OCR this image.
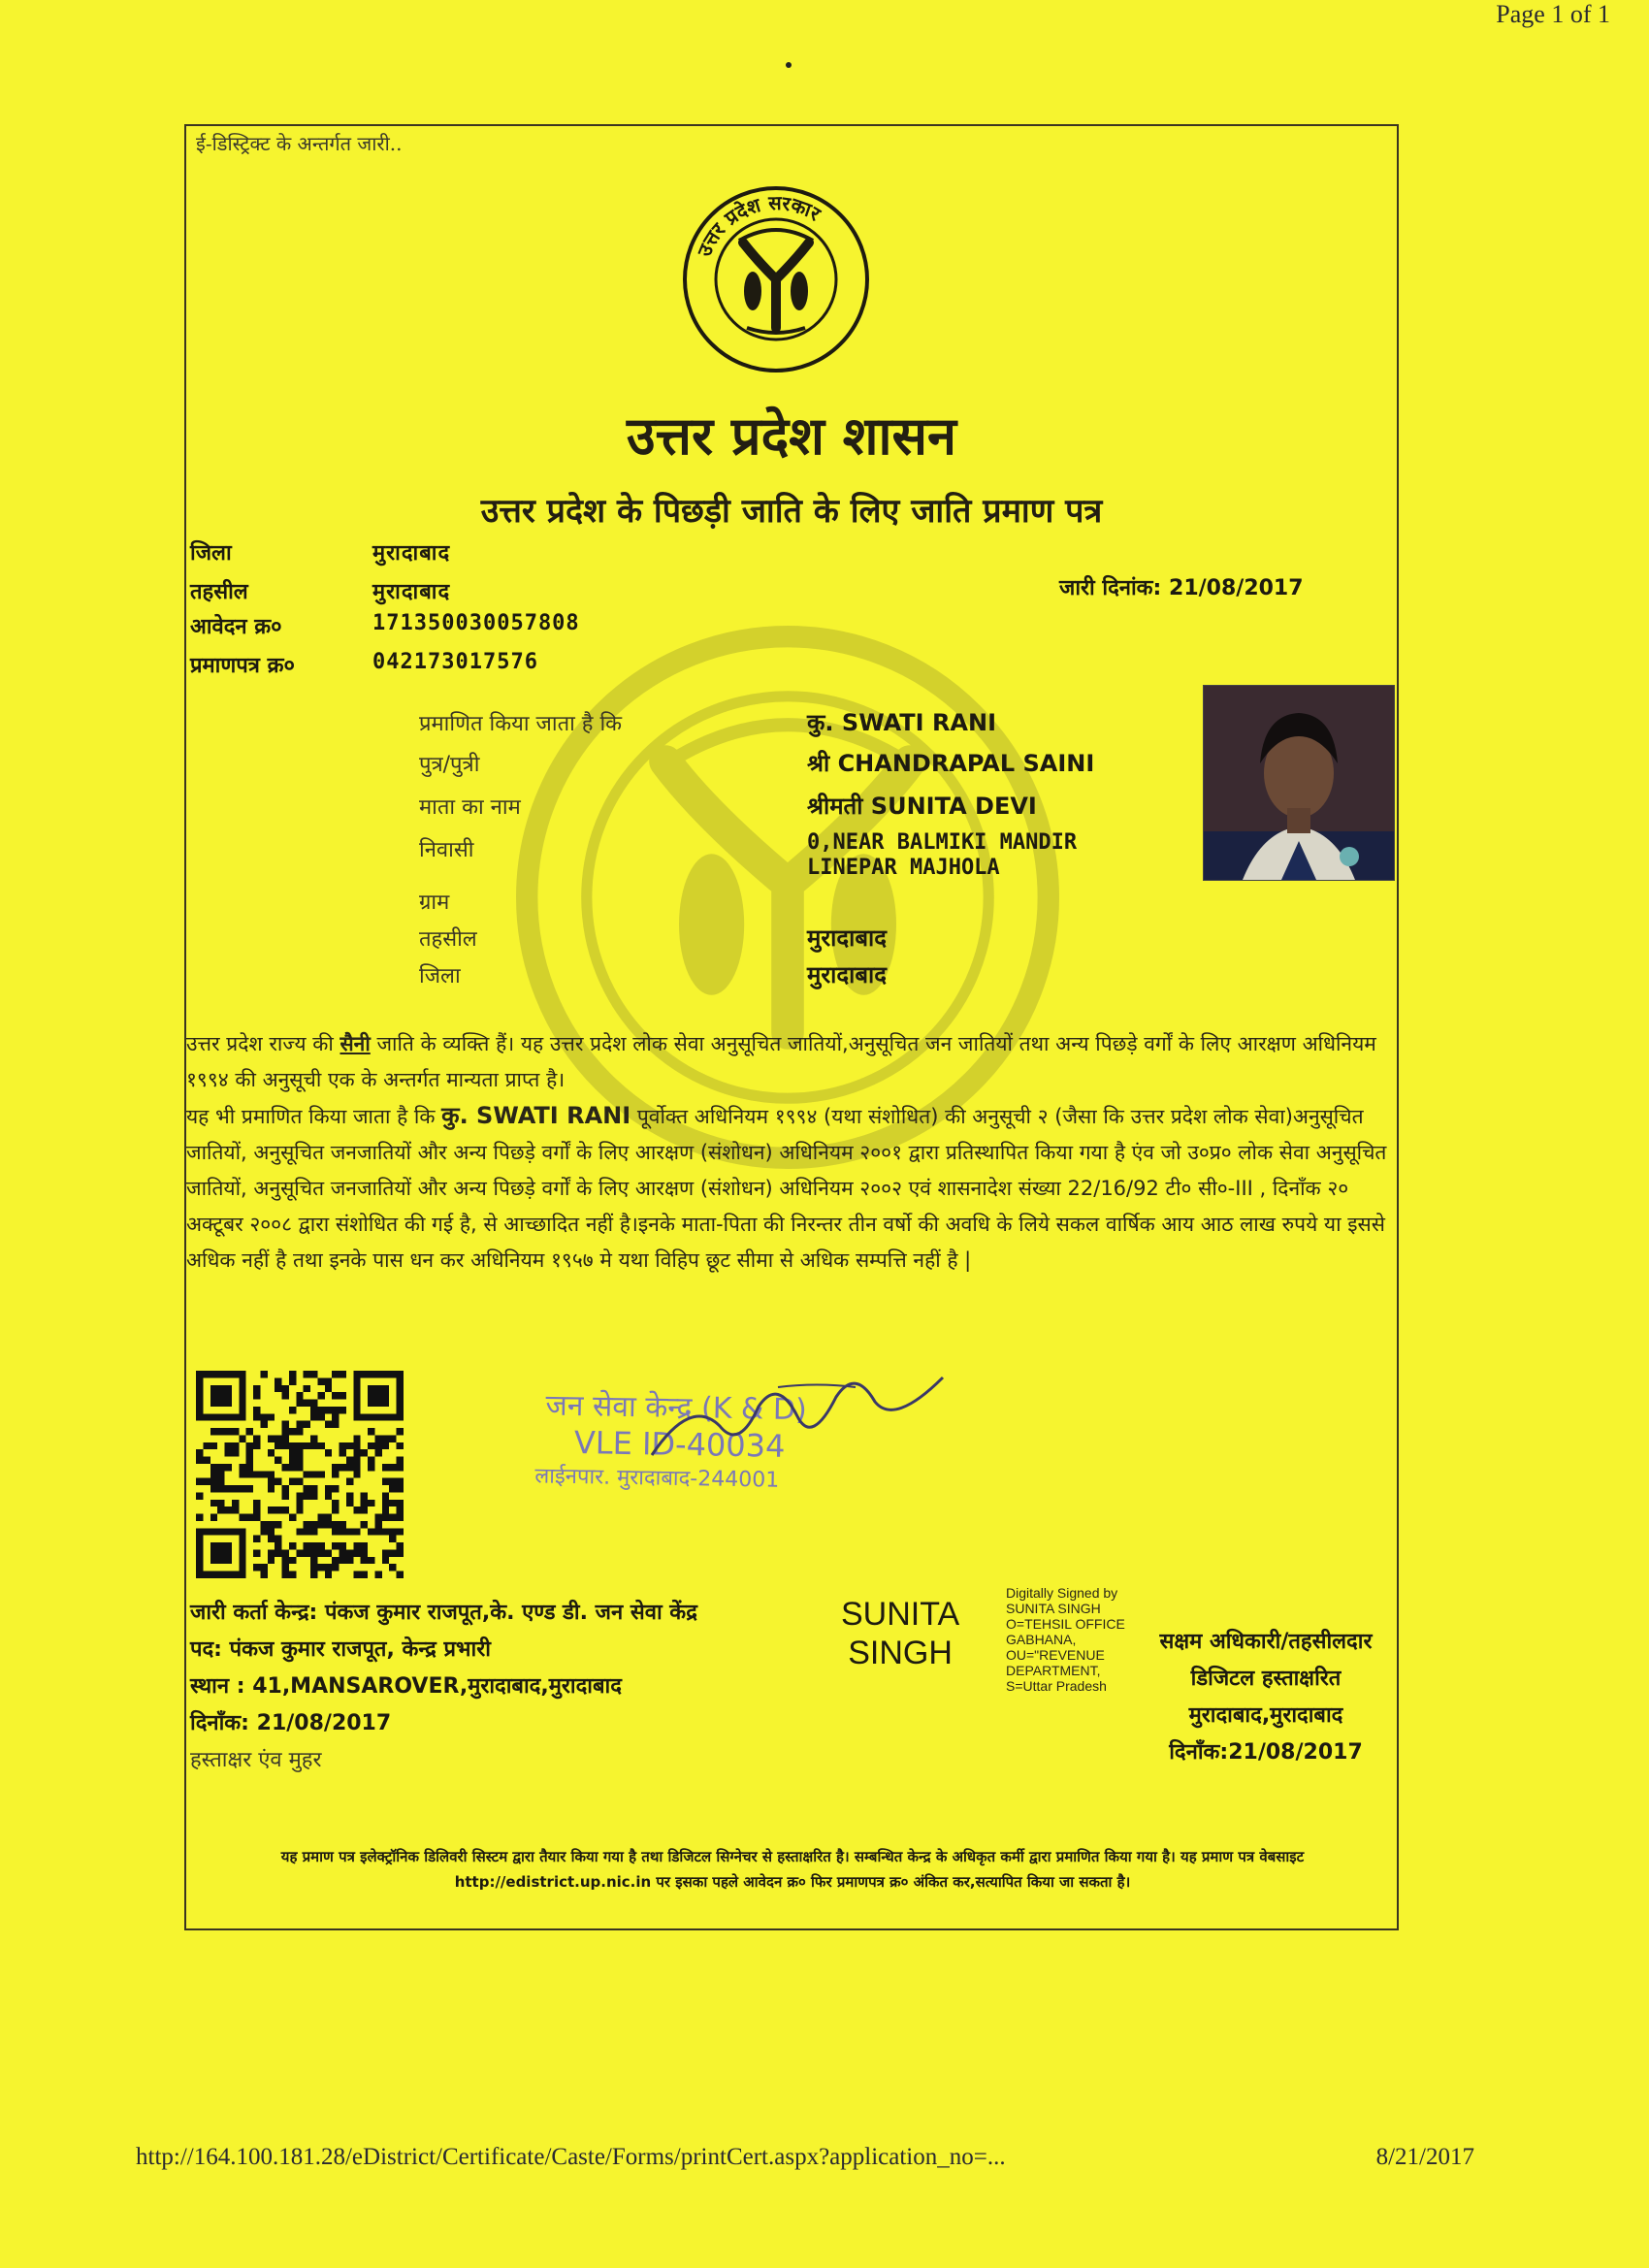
Page 1 of 1
ई-डिस्ट्रिक्ट के अन्तर्गत जारी..
उत्तर प्रदेश सरकार
उत्तर प्रदेश शासन
उत्तर प्रदेश के पिछड़ी जाति के लिए जाति प्रमाण पत्र
जिला	मुरादाबाद
तहसील	मुरादाबाद
आवेदन क्र०	171350030057808
प्रमाणपत्र क्र०	042173017576
जारी दिनांक: 21/08/2017
प्रमाणित किया जाता है कि	कु. SWATI RANI
पुत्र/पुत्री	श्री CHANDRAPAL SAINI
माता का नाम	श्रीमती SUNITA DEVI
निवासी	0,NEAR BALMIKI MANDIR
LINEPAR MAJHOLA
ग्राम
तहसील	मुरादाबाद
जिला	मुरादाबाद

उत्तर प्रदेश राज्य की सैनी जाति के व्यक्ति हैं। यह उत्तर प्रदेश लोक सेवा अनुसूचित जातियों,अनुसूचित जन जातियों तथा अन्य पिछड़े वर्गों के लिए आरक्षण अधिनियम १९९४ की अनुसूची एक के अन्तर्गत मान्यता प्राप्त है।

यह भी प्रमाणित किया जाता है कि कु. SWATI RANI पूर्वोक्त अधिनियम १९९४ (यथा संशोधित) की अनुसूची २ (जैसा कि उत्तर प्रदेश लोक सेवा)अनुसूचित जातियों, अनुसूचित जनजातियों और अन्य पिछड़े वर्गों के लिए आरक्षण (संशोधन) अधिनियम २००१ द्वारा प्रतिस्थापित किया गया है एंव जो उ०प्र० लोक सेवा अनुसूचित जातियों, अनुसूचित जनजातियों और अन्य पिछड़े वर्गों के लिए आरक्षण (संशोधन) अधिनियम २००२ एवं शासनादेश संख्या 22/16/92 टी० सी०-III , दिनाँक २० अक्टूबर २००८ द्वारा संशोधित की गई है, से आच्छादित नहीं है।इनके माता-पिता की निरन्तर तीन वर्षो की अवधि के लिये सकल वार्षिक आय आठ लाख रुपये या इससे अधिक नहीं है तथा इनके पास धन कर अधिनियम १९५७ मे यथा विहिप छूट सीमा से अधिक सम्पत्ति नहीं है |

जन सेवा केन्द्र (K & D)
VLE ID-40034
लाईनपार. मुरादाबाद-244001
जारी कर्ता केन्द्र: पंकज कुमार राजपूत,के. एण्ड डी. जन सेवा केंद्र
पद: पंकज कुमार राजपूत, केन्द्र प्रभारी
स्थान : 41,MANSAROVER,मुरादाबाद,मुरादाबाद
दिनाँक: 21/08/2017
हस्ताक्षर एंव मुहर
SUNITA
SINGH
Digitally Signed by SUNITA SINGH O=TEHSIL OFFICE GABHANA, OU="REVENUE DEPARTMENT, S=Uttar Pradesh
सक्षम अधिकारी/तहसीलदार
डिजिटल हस्ताक्षरित
मुरादाबाद,मुरादाबाद
दिनाँक:21/08/2017
यह प्रमाण पत्र इलेक्ट्रॉनिक डिलिवरी सिस्टम द्वारा तैयार किया गया है तथा डिजिटल सिग्नेचर से हस्ताक्षरित है। सम्बन्धित केन्द्र के अधिकृत कर्मी द्वारा प्रमाणित किया गया है। यह प्रमाण पत्र वेबसाइट http://edistrict.up.nic.in पर इसका पहले आवेदन क्र० फिर प्रमाणपत्र क्र० अंकित कर,सत्यापित किया जा सकता है।
http://164.100.181.28/eDistrict/Certificate/Caste/Forms/printCert.aspx?application_no=...	8/21/2017
